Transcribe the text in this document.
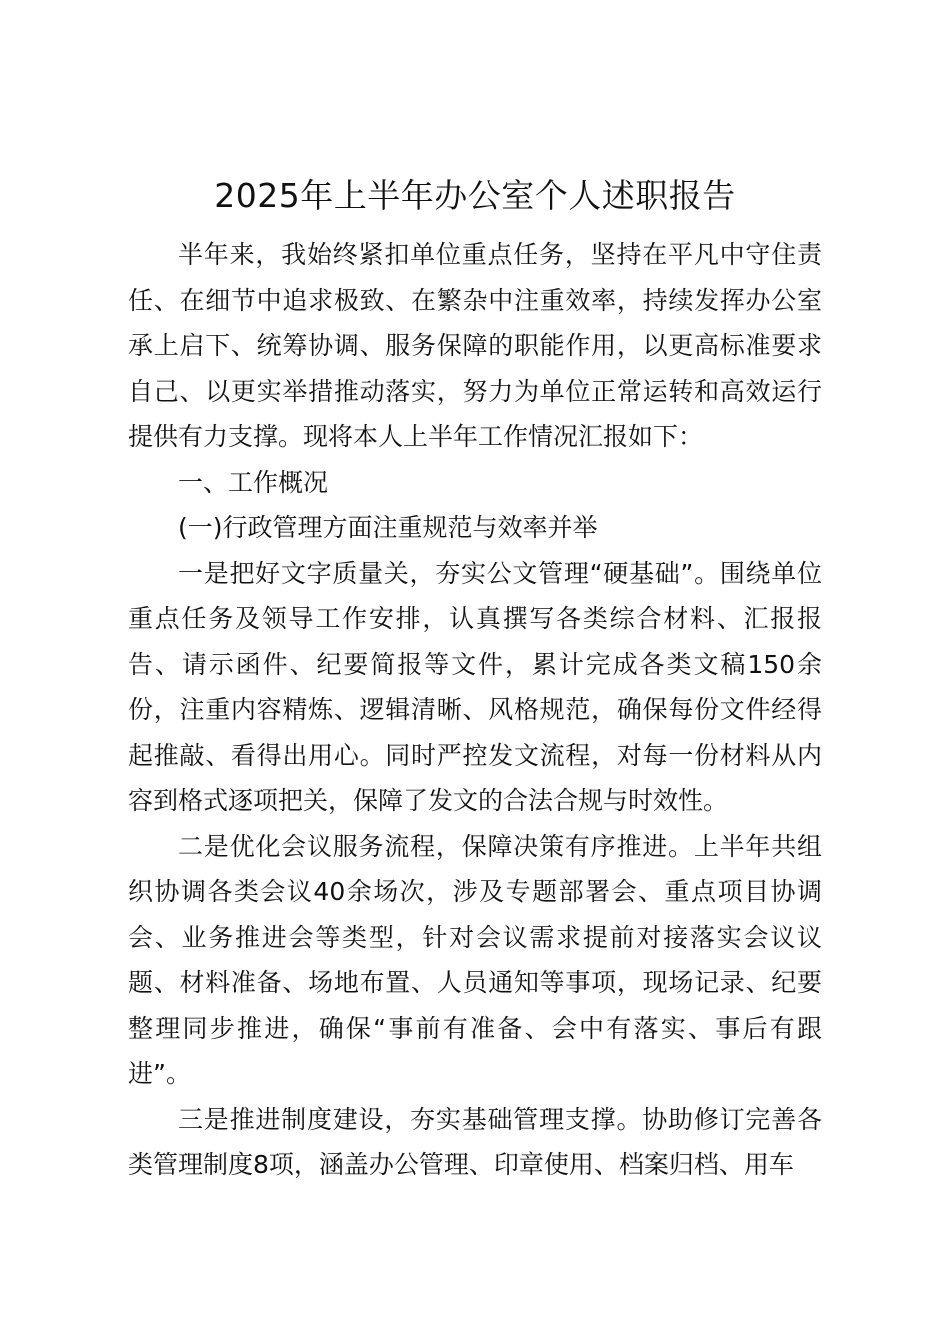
2025年上半年办公室个人述职报告

半年来，我始终紧扣单位重点任务，坚持在平凡中守住责任、在细节中追求极致、在繁杂中注重效率，持续发挥办公室承上启下、统筹协调、服务保障的职能作用，以更高标准要求自己、以更实举措推动落实，努力为单位正常运转和高效运行提供有力支撑。现将本人上半年工作情况汇报如下：

一、工作概况

(一)行政管理方面注重规范与效率并举

一是把好文字质量关，夯实公文管理“硬基础”。围绕单位重点任务及领导工作安排，认真撰写各类综合材料、汇报报告、请示函件、纪要简报等文件，累计完成各类文稿150余份，注重内容精炼、逻辑清晰、风格规范，确保每份文件经得起推敲、看得出用心。同时严控发文流程，对每一份材料从内容到格式逐项把关，保障了发文的合法合规与时效性。

二是优化会议服务流程，保障决策有序推进。上半年共组织协调各类会议40余场次，涉及专题部署会、重点项目协调会、业务推进会等类型，针对会议需求提前对接落实会议议题、材料准备、场地布置、人员通知等事项，现场记录、纪要整理同步推进，确保“事前有准备、会中有落实、事后有跟进”。

三是推进制度建设，夯实基础管理支撑。协助修订完善各类管理制度8项，涵盖办公管理、印章使用、档案归档、用车
